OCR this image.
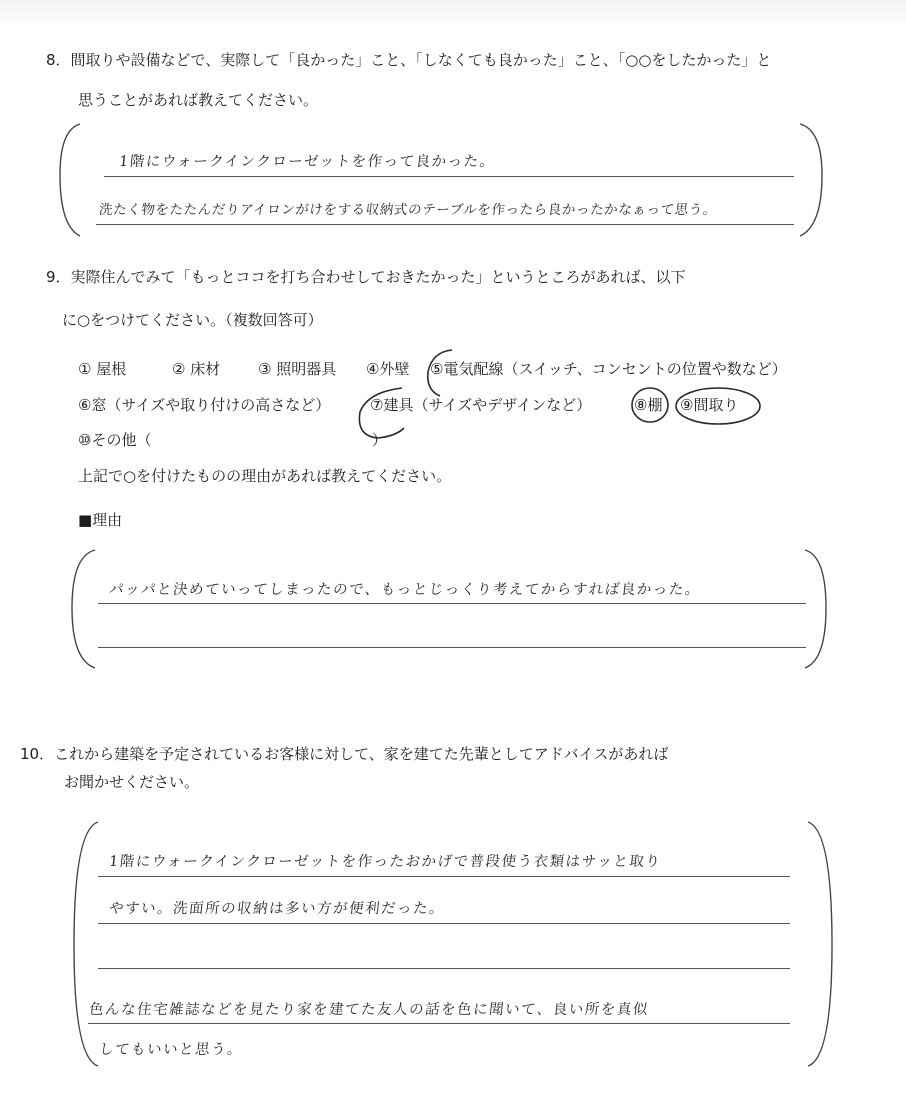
8．間取りや設備などで、実際して「良かった」こと、「しなくても良かった」こと、「○○をしたかった」と
思うことがあれば教えてください。
1階にウォークインクローゼットを作って良かった。
洗たく物をたたんだりアイロンがけをする収納式のテーブルを作ったら良かったかなぁって思う。
9．実際住んでみて「もっとココを打ち合わせしておきたかった」というところがあれば、以下
に○をつけてください。（複数回答可）
① 屋根	② 床材	③ 照明器具 ④外壁 ⑤電気配線（スイッチ、コンセントの位置や数など）
⑥窓（サイズや取り付けの高さなど）	⑦建具（サイズやデザインなど）	⑧棚 ⑨間取り
⑩その他（	）
上記で○を付けたものの理由があれば教えてください。
■理由
パッパと決めていってしまったので、もっとじっくり考えてからすれば良かった。
10．これから建築を予定されているお客様に対して、家を建てた先輩としてアドバイスがあれば
お聞かせください。
1階にウォークインクローゼットを作ったおかげで普段使う衣類はサッと取り
やすい。洗面所の収納は多い方が便利だった。
色んな住宅雑誌などを見たり家を建てた友人の話を色に聞いて、良い所を真似
してもいいと思う。
